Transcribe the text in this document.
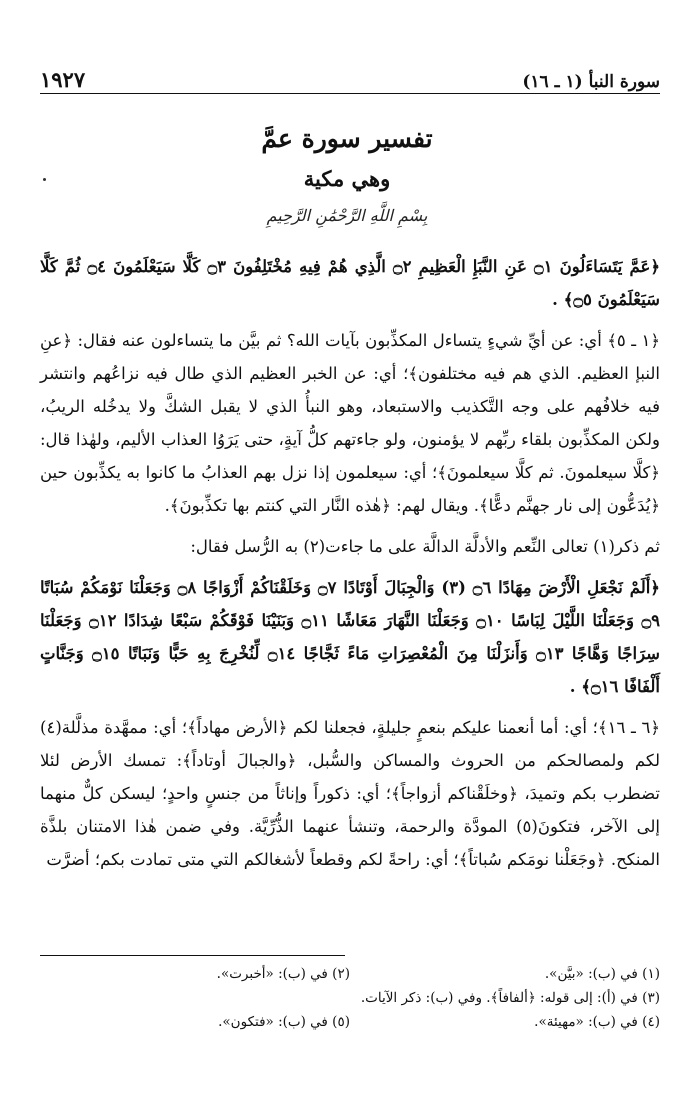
سورة النبأ (١ ـ ١٦)
١٩٢٧
تفسير سورة عمَّ
وهي مكية
بِسْمِ اللَّهِ الرَّحْمَٰنِ الرَّحِيمِ

﴿عَمَّ يَتَسَاءَلُونَ ۝١ عَنِ النَّبَإِ الْعَظِيمِ ۝٢ الَّذِي هُمْ فِيهِ مُخْتَلِفُونَ ۝٣ كَلَّا سَيَعْلَمُونَ ۝٤ ثُمَّ كَلَّا سَيَعْلَمُونَ ۝٥﴾ .

﴿١ ـ ٥﴾ أي: عن أيِّ شيءٍ يتساءل المكذِّبون بآيات الله؟ ثم بيَّن ما يتساءلون عنه فقال: ﴿عنِ النبإ العظيم. الذي هم فيه مختلفون﴾؛ أي: عن الخبر العظيم الذي طال فيه نزاعُهم وانتشر فيه خلافُهم على وجه التَّكذيب والاستبعاد، وهو النبأُ الذي لا يقبل الشكَّ ولا يدخُله الريبُ، ولكن المكذِّبون بلقاء ربِّهم لا يؤمنون، ولو جاءتهم كلُّ آيةٍ، حتى يَرَوُا العذاب الأليم، ولهٰذا قال: ﴿كلَّا سيعلمونَ. ثم كلَّا سيعلمونَ﴾؛ أي: سيعلمون إذا نزل بهم العذابُ ما كانوا به يكذِّبون حين ﴿يُدَعُّون إلى نار جهنَّم دعًّا﴾. ويقال لهم: ﴿هٰذه النَّار التي كنتم بها تكذِّبونَ﴾.

ثم ذكر(١) تعالى النِّعم والأدلَّة الدالَّة على ما جاءت(٢) به الرُّسل فقال:

﴿أَلَمْ نَجْعَلِ الْأَرْضَ مِهَادًا ۝٦ (٣) وَالْجِبَالَ أَوْتَادًا ۝٧ وَخَلَقْنَاكُمْ أَزْوَاجًا ۝٨ وَجَعَلْنَا نَوْمَكُمْ سُبَاتًا ۝٩ وَجَعَلْنَا اللَّيْلَ لِبَاسًا ۝١٠ وَجَعَلْنَا النَّهَارَ مَعَاشًا ۝١١ وَبَنَيْنَا فَوْقَكُمْ سَبْعًا شِدَادًا ۝١٢ وَجَعَلْنَا سِرَاجًا وَهَّاجًا ۝١٣ وَأَنزَلْنَا مِنَ الْمُعْصِرَاتِ مَاءً ثَجَّاجًا ۝١٤ لِّنُخْرِجَ بِهِ حَبًّا وَنَبَاتًا ۝١٥ وَجَنَّاتٍ أَلْفَافًا ۝١٦﴾ .

﴿٦ ـ ١٦﴾؛ أي: أما أنعمنا عليكم بنعمٍ جليلةٍ، فجعلنا لكم ﴿الأرض مهاداً﴾؛ أي: ممهَّدة مذلَّلة(٤) لكم ولمصالحكم من الحروث والمساكن والسُّبل، ﴿والجبالَ أوتاداً﴾: تمسك الأرض لئلا تضطرب بكم وتميدَ، ﴿وخلَقْناكم أزواجاً﴾؛ أي: ذكوراً وإناثاً من جنسٍ واحدٍ؛ ليسكن كلٌّ منهما إلى الآخر، فتكونَ(٥) المودَّة والرحمة، وتنشأ عنهما الذُّرِّيَّة. وفي ضمن هٰذا الامتنان بلذَّة المنكح. ﴿وجَعَلْنا نومَكم سُباتاً﴾؛ أي: راحةً لكم وقطعاً لأشغالكم التي متى تمادت بكم؛ أضرَّت

(١) في (ب): «بيَّن».
(٢) في (ب): «أخبرت».
(٣) في (أ): إلى قوله: ﴿ألفافاً﴾. وفي (ب): ذكر الآيات.
(٤) في (ب): «مهيئة».
(٥) في (ب): «فتكون».
